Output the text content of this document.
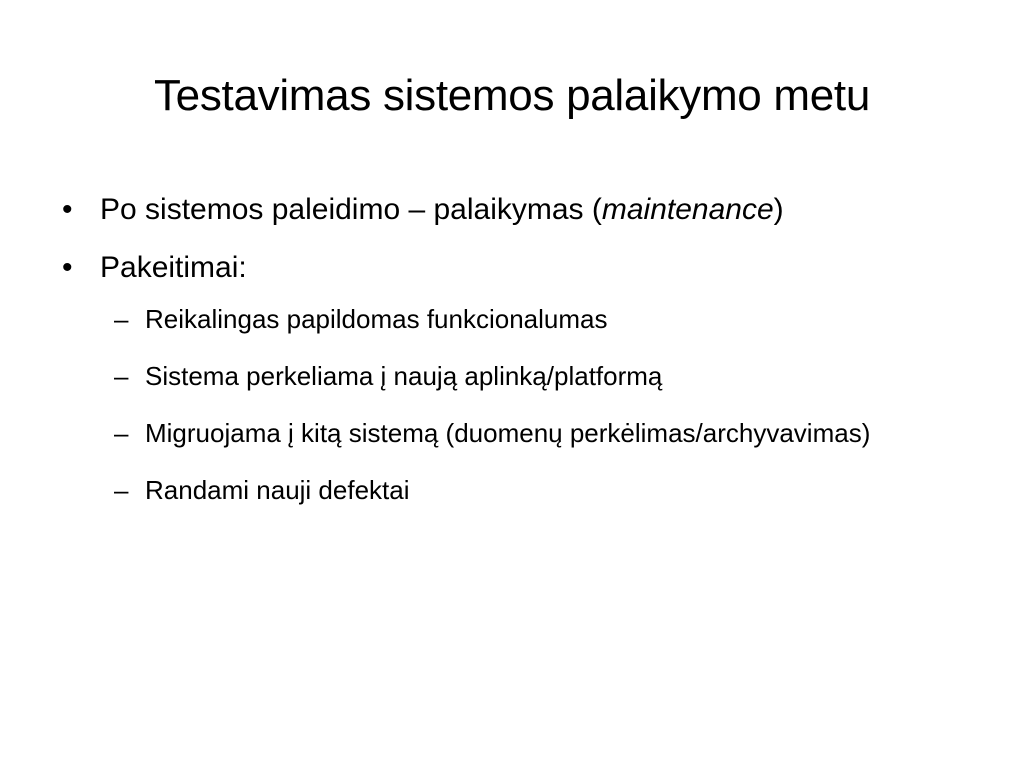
Testavimas sistemos palaikymo metu
• Po sistemos paleidimo – palaikymas (maintenance)
• Pakeitimai:
– Reikalingas papildomas funkcionalumas
– Sistema perkeliama į naują aplinką/platformą
– Migruojama į kitą sistemą (duomenų perkėlimas/archyvavimas)
– Randami nauji defektai
